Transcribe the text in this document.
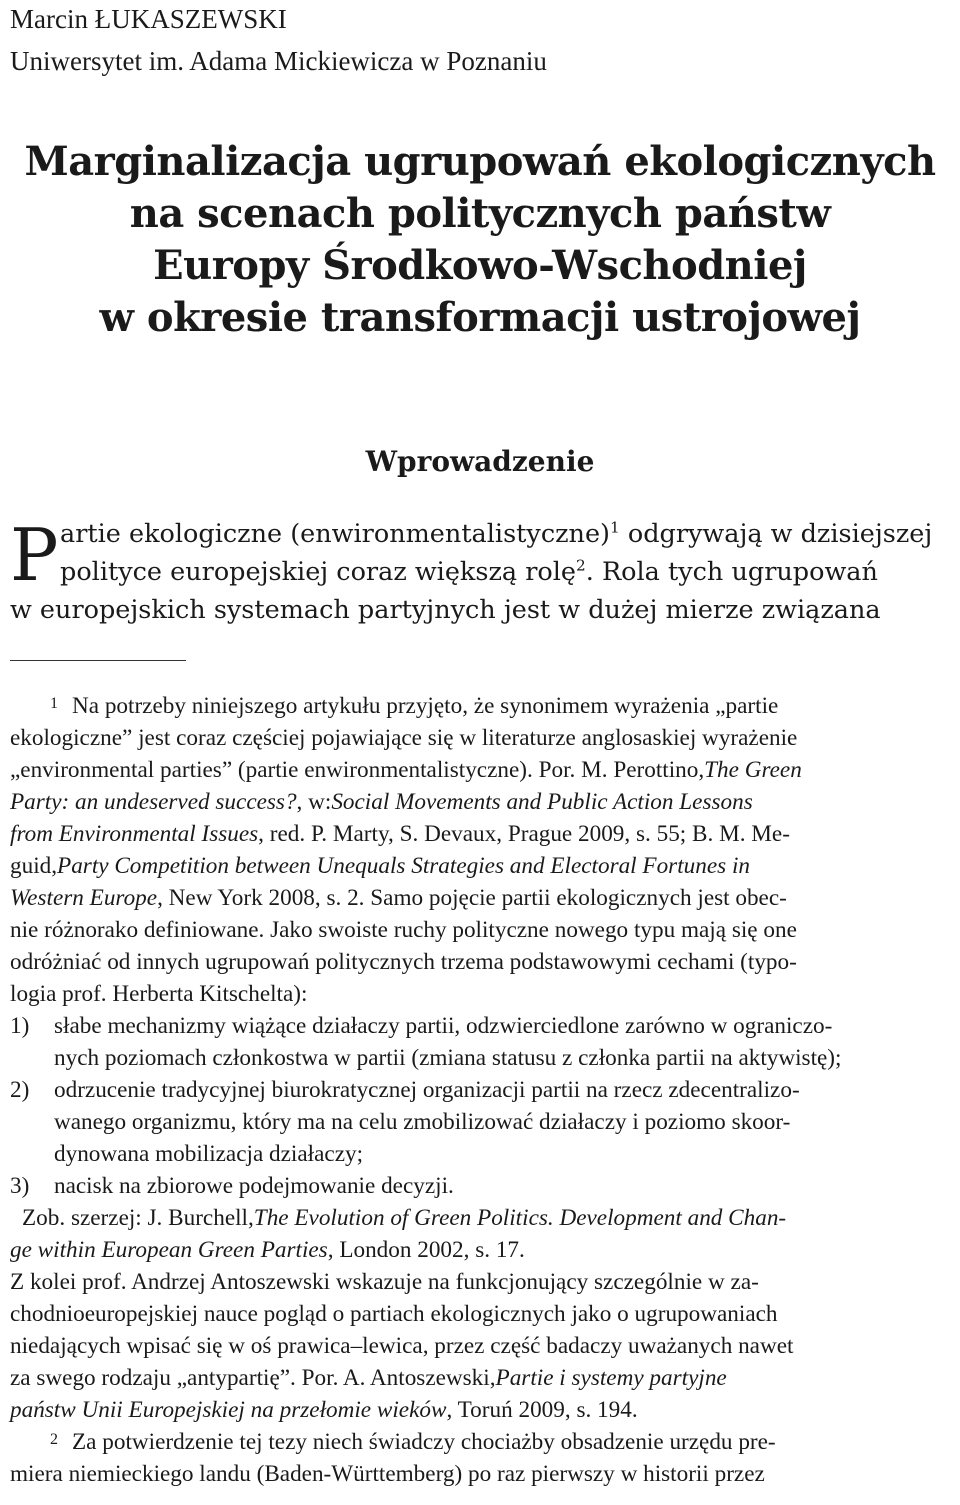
Marcin ŁUKASZEWSKI
Uniwersytet im. Adama Mickiewicza w Poznaniu
Marginalizacja ugrupowań ekologicznych
na scenach politycznych państw
Europy Środkowo-Wschodniej
w okresie transformacji ustrojowej
Wprowadzenie
P artie ekologiczne (enwironmentalistyczne)$^1$ odgrywają w dzisiejszej
polityce europejskiej coraz większą rolę$^2$. Rola tych ugrupowań
w europejskich systemach partyjnych jest w dużej mierze związana
1 Na potrzeby niniejszego artykułu przyjęto, że synonimem wyrażenia „partie
ekologiczne” jest coraz częściej pojawiające się w literaturze anglosaskiej wyrażenie
„environmental parties” (partie enwironmentalistyczne). Por. M. Perottino, The Green
Party: an undeserved success? , w: Social Movements and Public Action Lessons
from Environmental Issues , red. P. Marty, S. Devaux, Prague 2009, s. 55; B. M. Me-
guid, Party Competition between Unequals Strategies and Electoral Fortunes in
Western Europe , New York 2008, s. 2. Samo pojęcie partii ekologicznych jest obec-
nie różnorako definiowane. Jako swoiste ruchy polityczne nowego typu mają się one
odróżniać od innych ugrupowań politycznych trzema podstawowymi cechami (typo-
logia prof. Herberta Kitschelta):
1)	słabe mechanizmy wiążące działaczy partii, odzwierciedlone zarówno w ograniczo-
nych poziomach członkostwa w partii (zmiana statusu z członka partii na aktywistę);
2)	odrzucenie tradycyjnej biurokratycznej organizacji partii na rzecz zdecentralizo-
wanego organizmu, który ma na celu zmobilizować działaczy i poziomo skoor-
dynowana mobilizacja działaczy;
3)	nacisk na zbiorowe podejmowanie decyzji.
Zob. szerzej: J. Burchell, The Evolution of Green Politics. Development and Chan-
ge within European Green Parties , London 2002, s. 17.
Z kolei prof. Andrzej Antoszewski wskazuje na funkcjonujący szczególnie w za-
chodnioeuropejskiej nauce pogląd o partiach ekologicznych jako o ugrupowaniach
niedających wpisać się w oś prawica–lewica, przez część badaczy uważanych nawet
za swego rodzaju „antypartię”. Por. A. Antoszewski, Partie i systemy partyjne
państw Unii Europejskiej na przełomie wieków , Toruń 2009, s. 194.
2 Za potwierdzenie tej tezy niech świadczy chociażby obsadzenie urzędu pre-
miera niemieckiego landu (Baden-Württemberg) po raz pierwszy w historii przez
